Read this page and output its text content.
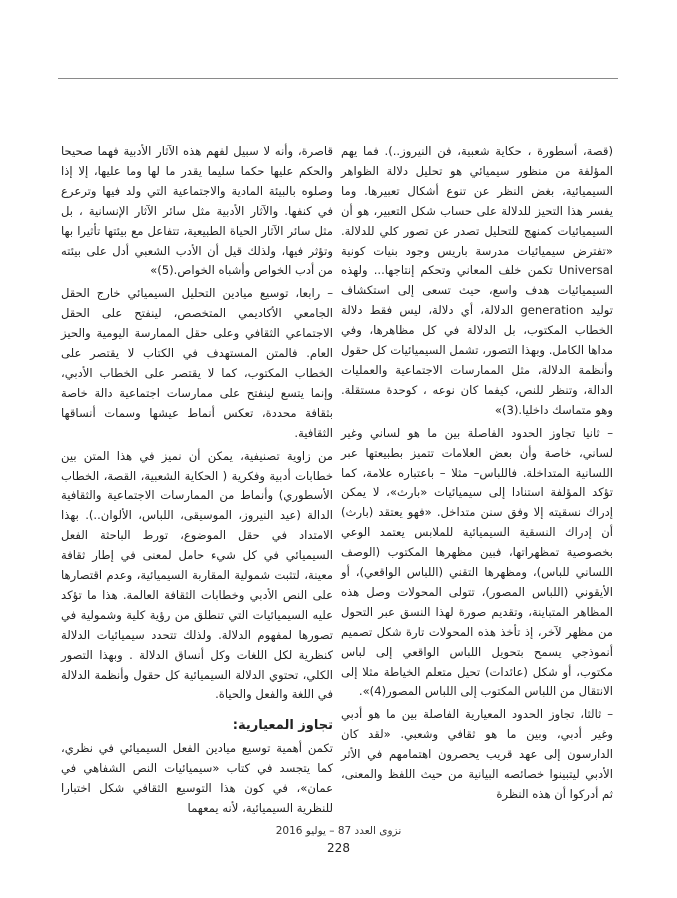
(قصة، أسطورة ، حكاية شعبية، فن النيروز..). فما يهم المؤلفة من منظور سيميائي هو تحليل دلالة الظواهر السيميائية، بغض النظر عن تنوع أشكال تعبيرها. وما يفسر هذا التحيز للدلالة على حساب شكل التعبير، هو أن السيميائيات كمنهج للتحليل تصدر عن تصور كلي للدلالة. «تفترض سيميائيات مدرسة باريس وجود بنيات كونية Universal تكمن خلف المعاني وتحكم إنتاجها... ولهذه السيميائيات هدف واسع، حيث تسعى إلى استكشاف توليد generation الدلالة، أي دلالة، ليس فقط دلالة الخطاب المكتوب، بل الدلالة في كل مظاهرها، وفي مداها الكامل. وبهذا التصور، تشمل السيميائيات كل حقول وأنظمة الدلالة، مثل الممارسات الاجتماعية والعمليات الدالة، وتنظر للنص، كيفما كان نوعه ، كوحدة مستقلة. وهو متماسك داخليا.(3)»

– ثانيا تجاوز الحدود الفاصلة بين ما هو لساني وغير لساني، خاصة وأن بعض العلامات تتميز بطبيعتها عبر اللسانية المتداخلة. فاللباس– مثلا – باعتباره علامة، كما تؤكد المؤلفة استنادا إلى سيميائيات «بارث»، لا يمكن إدراك نسقيته إلا وفق سنن متداخل. «فهو يعتقد (بارث) أن إدراك النسقية السيميائية للملابس يعتمد الوعي بخصوصية تمظهراتها، فبين مظهرها المكتوب (الوصف اللساني للباس)، ومظهرها التقني (اللباس الواقعي)، أو الأيقوني (اللباس المصور)، تتولى المحولات وصل هذه المظاهر المتباينة، وتقديم صورة لهذا النسق عبر التحول من مظهر لآخر، إذ تأخذ هذه المحولات تارة شكل تصميم أنموذجي يسمح بتحويل اللباس الواقعي إلى لباس مكتوب، أو شكل (عائدات) تحيل متعلم الخياطة مثلا إلى الانتقال من اللباس المكتوب إلى اللباس المصور(4)».

– ثالثا، تجاوز الحدود المعيارية الفاصلة بين ما هو أدبي وغير أدبي، وبين ما هو ثقافي وشعبي. «لقد كان الدارسون إلى عهد قريب يحصرون اهتمامهم في الأثر الأدبي ليتبينوا خصائصه البيانية من حيث اللفظ والمعنى، ثم أدركوا أن هذه النظرة

قاصرة، وأنه لا سبيل لفهم هذه الآثار الأدبية فهما صحيحا والحكم عليها حكما سليما يقدر ما لها وما عليها، إلا إذا وصلوه بالبيئة المادية والاجتماعية التي ولد فيها وترعرع في كنفها. والآثار الأدبية مثل سائر الآثار الإنسانية ، بل مثل سائر الآثار الحياة الطبيعية، تتفاعل مع بيئتها تأثيرا بها وتؤثر فيها، ولذلك قيل أن الأدب الشعبي أدل على بيئته من أدب الخواص وأشباه الخواص.(5)»

– رابعا، توسيع ميادين التحليل السيميائي خارج الحقل الجامعي الأكاديمي المتخصص، لينفتح على الحقل الاجتماعي الثقافي وعلى حقل الممارسة اليومية والحيز العام. فالمتن المستهدف في الكتاب لا يقتصر على الخطاب المكتوب، كما لا يقتصر على الخطاب الأدبي، وإنما يتسع لينفتح على ممارسات اجتماعية دالة خاصة بثقافة محددة، تعكس أنماط عيشها وسمات أنساقها الثقافية.

من زاوية تصنيفية، يمكن أن نميز في هذا المتن بين خطابات أدبية وفكرية ( الحكاية الشعبية، القصة، الخطاب الأسطوري) وأنماط من الممارسات الاجتماعية والثقافية الدالة (عيد النيروز، الموسيقى، اللباس، الألوان..). بهذا الامتداد في حقل الموضوع، تورط الباحثة الفعل السيميائي في كل شيء حامل لمعنى في إطار ثقافة معينة، لتثبت شمولية المقاربة السيميائية، وعدم اقتصارها على النص الأدبي وخطابات الثقافة العالمة. هذا ما تؤكد عليه السيميائيات التي تنطلق من رؤية كلية وشمولية في تصورها لمفهوم الدلالة. ولذلك تتحدد سيميائيات الدلالة كنظرية لكل اللغات وكل أنساق الدلالة . وبهذا التصور الكلي، تحتوي الدلالة السيميائية كل حقول وأنظمة الدلالة في اللغة والفعل والحياة.

تجاوز المعيارية:

تكمن أهمية توسيع ميادين الفعل السيميائي في نظري، كما يتجسد في كتاب «سيميائيات النص الشفاهي في عمان»، في كون هذا التوسيع الثقافي شكل اختبارا للنظرية السيميائية، لأنه يمعهما

نزوى العدد 87 – يوليو 2016
228
